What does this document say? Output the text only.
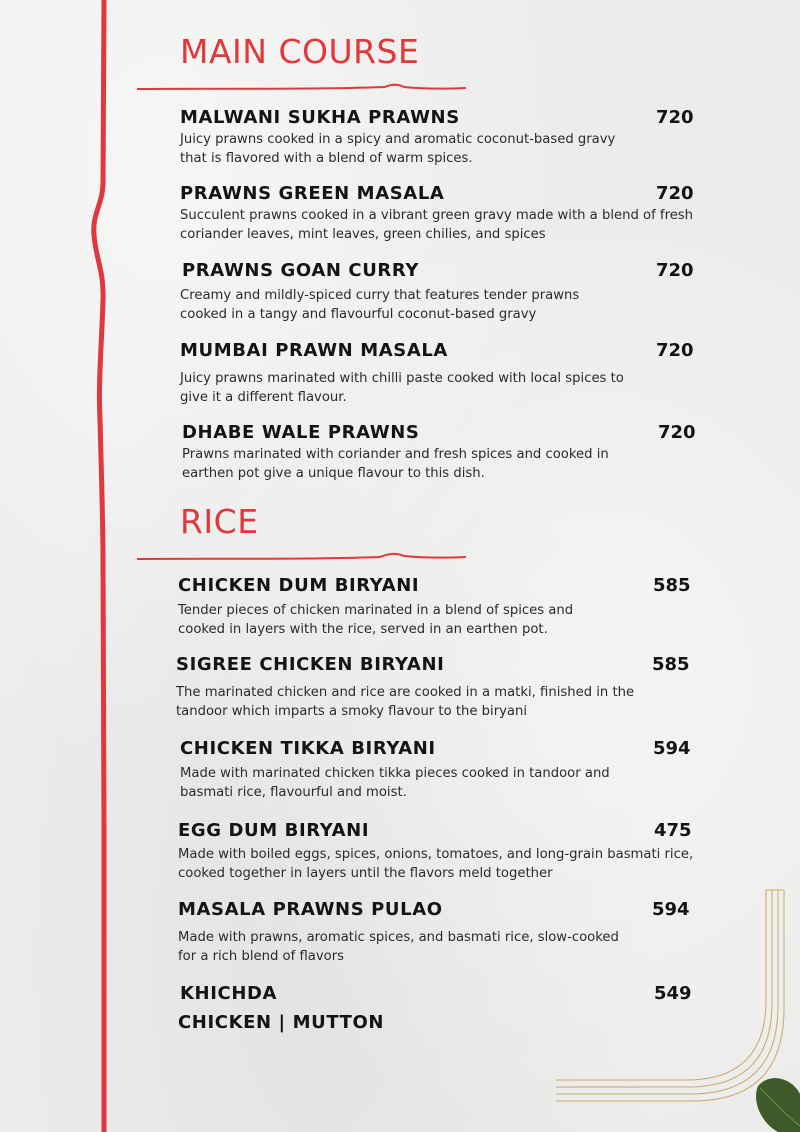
MAIN COURSE
MALWANI SUKHA PRAWNS	720
Juicy prawns cooked in a spicy and aromatic coconut-based gravy that is flavored with a blend of warm spices.
PRAWNS GREEN MASALA	720
Succulent prawns cooked in a vibrant green gravy made with a blend of fresh coriander leaves, mint leaves, green chilies, and spices
PRAWNS GOAN CURRY	720
Creamy and mildly-spiced curry that features tender prawns cooked in a tangy and flavourful coconut-based gravy
MUMBAI PRAWN MASALA	720
Juicy prawns marinated with chilli paste cooked with local spices to give it a different flavour.
DHABE WALE PRAWNS	720
Prawns marinated with coriander and fresh spices and cooked in earthen pot give a unique flavour to this dish.
RICE
CHICKEN DUM BIRYANI	585
Tender pieces of chicken marinated in a blend of spices and cooked in layers with the rice, served in an earthen pot.
SIGREE CHICKEN BIRYANI	585
The marinated chicken and rice are cooked in a matki, finished in the tandoor which imparts a smoky flavour to the biryani
CHICKEN TIKKA BIRYANI	594
Made with marinated chicken tikka pieces cooked in tandoor and basmati rice, flavourful and moist.
EGG DUM BIRYANI	475
Made with boiled eggs, spices, onions, tomatoes, and long-grain basmati rice, cooked together in layers until the flavors meld together
MASALA PRAWNS PULAO	594
Made with prawns, aromatic spices, and basmati rice, slow-cooked for a rich blend of flavors
KHICHDA	549
CHICKEN | MUTTON
